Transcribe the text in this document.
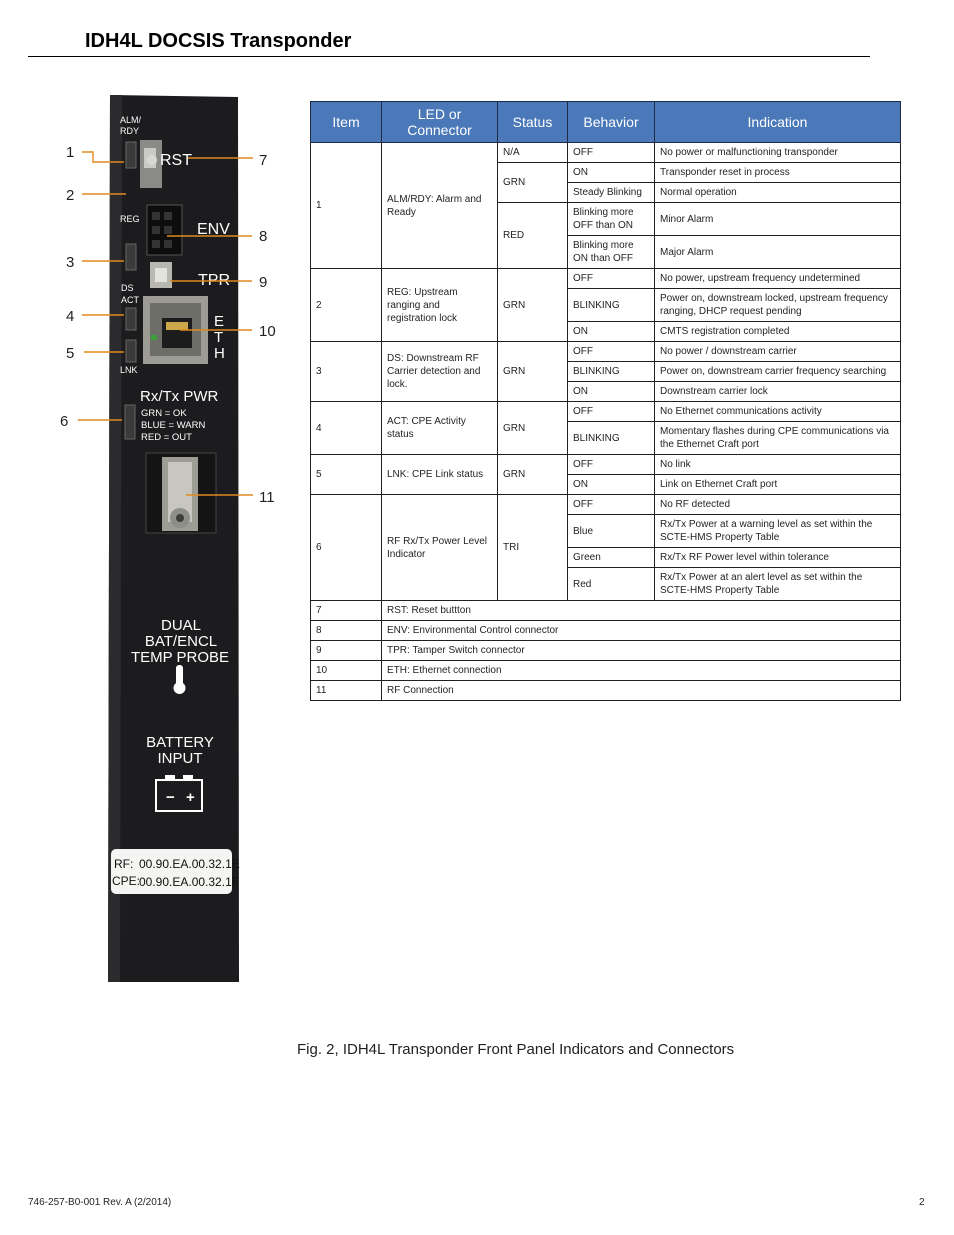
IDH4L DOCSIS Transponder
− +
ALM/
RDY
RST
REG
ENV
DS
ACT
TPR
E
T
H
LNK
Rx/Tx PWR
GRN = OK
BLUE = WARN
RED = OUT
DUAL
BAT/ENCL
TEMP PROBE
BATTERY
INPUT
RF: 00.90.EA.00.32.1E
CPE:
00.90.EA.00.32.1F
1
2
3
4
5
6
7
8
9
10
11
Item	LED or Connector	Status	Behavior	Indication
1	ALM/RDY: Alarm and Ready	N/A	OFF	No power or malfunctioning transponder
		GRN	ON	Transponder reset in process
			Steady Blinking	Normal operation
		RED	Blinking more OFF than ON	Minor Alarm
			Blinking more ON than OFF	Major Alarm

2	REG: Upstream ranging and registration lock	GRN	OFF	No power, upstream frequency undetermined
			BLINKING	Power on, downstream locked, upstream frequency ranging, DHCP request pending
			ON	CMTS registration completed
3	DS: Downstream RF Carrier detection and lock.	GRN	OFF	No power / downstream carrier
			BLINKING	Power on, downstream carrier frequency searching
			ON	Downstream carrier lock
4	ACT: CPE Activity status	GRN	OFF	No Ethernet communications activity
			BLINKING	Momentary flashes during CPE communications via the Ethernet Craft port
5	LNK: CPE Link status	GRN	OFF	No link
			ON	Link on Ethernet Craft port
6	RF Rx/Tx Power Level Indicator	TRI	OFF	No RF detected
			Blue	Rx/Tx Power at a warning level as set within the SCTE-HMS Property Table
			Green	Rx/Tx RF Power level within tolerance
			Red	Rx/Tx Power at an alert level as set within the SCTE-HMS Property Table
7	RST: Reset buttton			
8	ENV: Environmental Control connector			
9	TPR: Tamper Switch connector			
10	ETH: Ethernet connection			
11	RF Connection			
Fig. 2, IDH4L Transponder Front Panel Indicators and Connectors
746-257-B0-001 Rev. A (2/2014)	2
